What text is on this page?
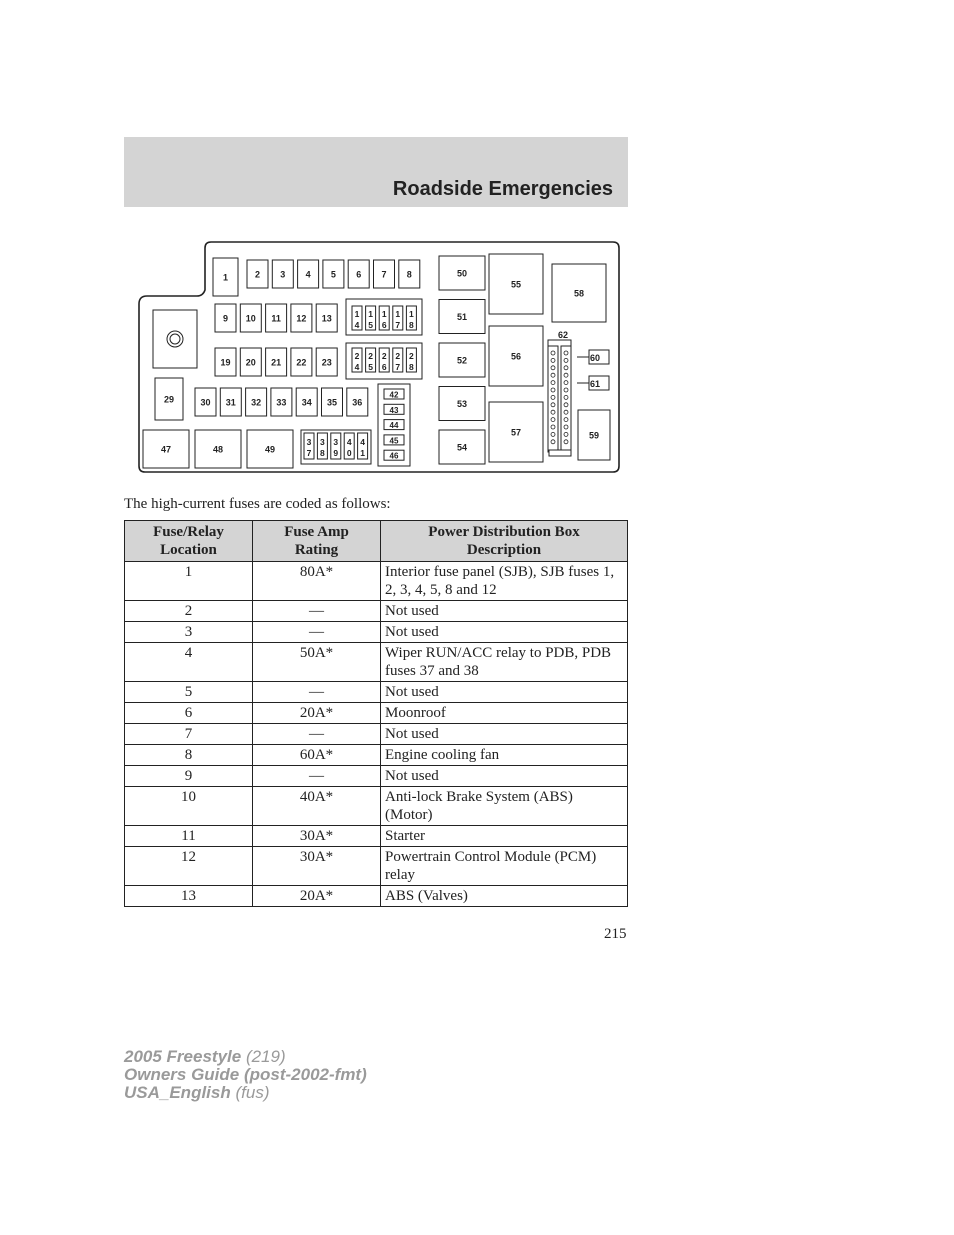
Roadside Emergencies
1	2 3 4 5 6 7 8
9 10 11 12 13	1
4
1
5
1
6
1
7
1
8
19 20 21 22 23
2
4
2
5
2
6
2
7
2
8
29	30 31 32 33 34 35 36
47	48	49
3
7
3
8
3
9
4
0
4
1
42
43
44
45
46
50
51
52
53
54
55
56
57
58
59
62
60
61
The high-current fuses are coded as follows:
Fuse/Relay
Location	Fuse Amp
Rating	Power Distribution Box
Description
1	80A*	Interior fuse panel (SJB), SJB fuses 1, 2, 3, 4, 5, 8 and 12
2	—	Not used
3	—	Not used
4	50A*	Wiper RUN/ACC relay to PDB, PDB fuses 37 and 38
5	—	Not used
6	20A*	Moonroof
7	—	Not used
8	60A*	Engine cooling fan
9	—	Not used
10	40A*	Anti-lock Brake System (ABS) (Motor)
11	30A*	Starter
12	30A*	Powertrain Control Module (PCM) relay
13	20A*	ABS (Valves)
215
2005 Freestyle (219)
Owners Guide (post-2002-fmt)
USA_English (fus)
